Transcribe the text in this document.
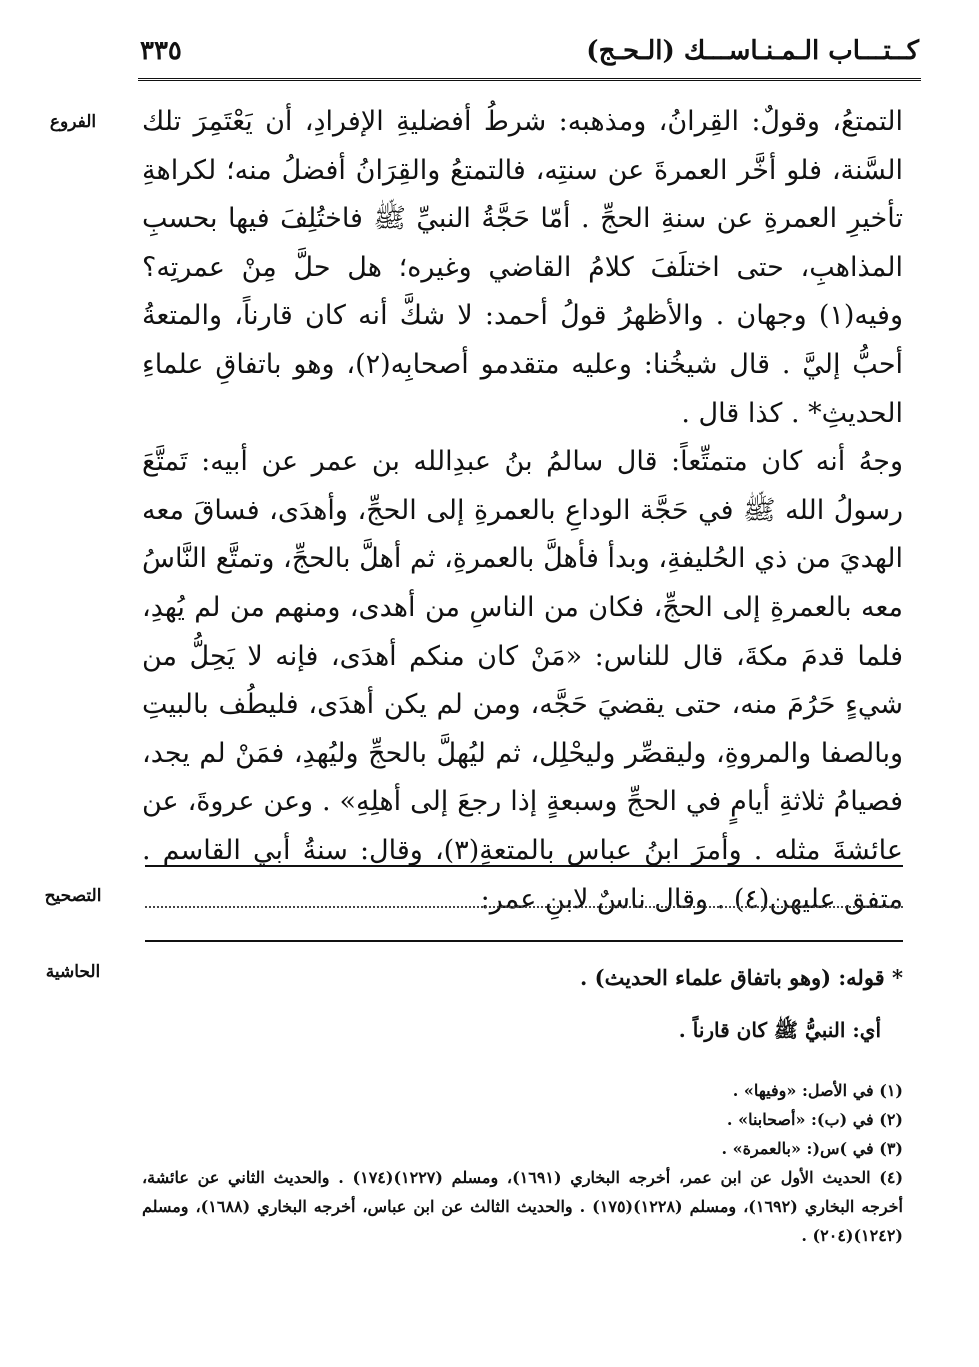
كــتـــاب الـمـنـاســـك (الـحـج)
٣٣٥
الفروع	التمتعُ، وقولٌ: القِرانُ، ومذهبه: شرطُ أفضليةِ الإفرادِ، أن يَعْتَمِرَ تلك السَّنة، فلو أخَّر العمرةَ عن سنتِه، فالتمتعُ والقِرَانُ أفضلُ منه؛ لكراهةِ تأخيرِ العمرةِ عن سنةِ الحجِّ . أمّا حَجَّةُ النبيِّ ﷺ فاختُلِفَ فيها بحسبِ المذاهبِ، حتى اختلَفَ كلامُ القاضي وغيره؛ هل حلَّ مِنْ عمرتِه؟ وفيه(١) وجهان . والأظهرُ قولُ أحمد: لا شكَّ أنه كان قارناً، والمتعةُ أحبُّ إليَّ . قال شيخُنا: وعليه متقدمو أصحابِه(٢)، وهو باتفاقِ علماءِ الحديثِ* . كذا قال .

وجهُ أنه كان متمتِّعاً: قال سالمُ بنُ عبدِالله بن عمر عن أبيه: تَمتَّعَ رسولُ الله ﷺ في حَجَّة الوداعِ بالعمرةِ إلى الحجِّ، وأهدَى، فساقَ معه الهديَ من ذي الحُليفةِ، وبدأ فأهلَّ بالعمرةِ، ثم أهلَّ بالحجِّ، وتمتَّع النَّاسُ معه بالعمرةِ إلى الحجِّ، فكان من الناسِ من أهدى، ومنهم من لم يُهدِ، فلما قدمَ مكةَ، قال للناس: «مَنْ كان منكم أهدَى، فإنه لا يَحِلُّ من شيءٍ حَرُمَ منه، حتى يقضيَ حَجَّه، ومن لم يكن أهدَى، فليطُف بالبيتِ وبالصفا والمروةِ، وليقصِّر وليحْلِل، ثم ليُهلَّ بالحجِّ وليُهدِ، فمَنْ لم يجد، فصيامُ ثلاثةِ أيامٍ في الحجِّ وسبعةٍ إذا رجعَ إلى أهلِهِ» . وعن عروةَ، عن عائشةَ مثله . وأمرَ ابنُ عباس بالمتعةِ(٣)، وقال: سنةُ أبي القاسم . متفق عليهن(٤) . وقال ناسٌ لابنِ عمر:

التصحيح
الحاشية	* قوله: (وهو باتفاق علماء الحديث) .
أي: النبيُّ ﷺ كان قارناً .

(١) في الأصل: «وفيها» .

(٢) في (ب): «أصحابنا» .

(٣) في )س(: «بالعمرة» .

(٤) الحديث الأول عن ابن عمر، أخرجه البخاري (١٦٩١)، ومسلم (١٢٢٧)(١٧٤) . والحديث الثاني عن عائشة، أخرجه البخاري (١٦٩٢)، ومسلم (١٢٢٨)(١٧٥) . والحديث الثالث عن ابن عباس، أخرجه البخاري (١٦٨٨)، ومسلم (١٢٤٢)(٢٠٤) .
